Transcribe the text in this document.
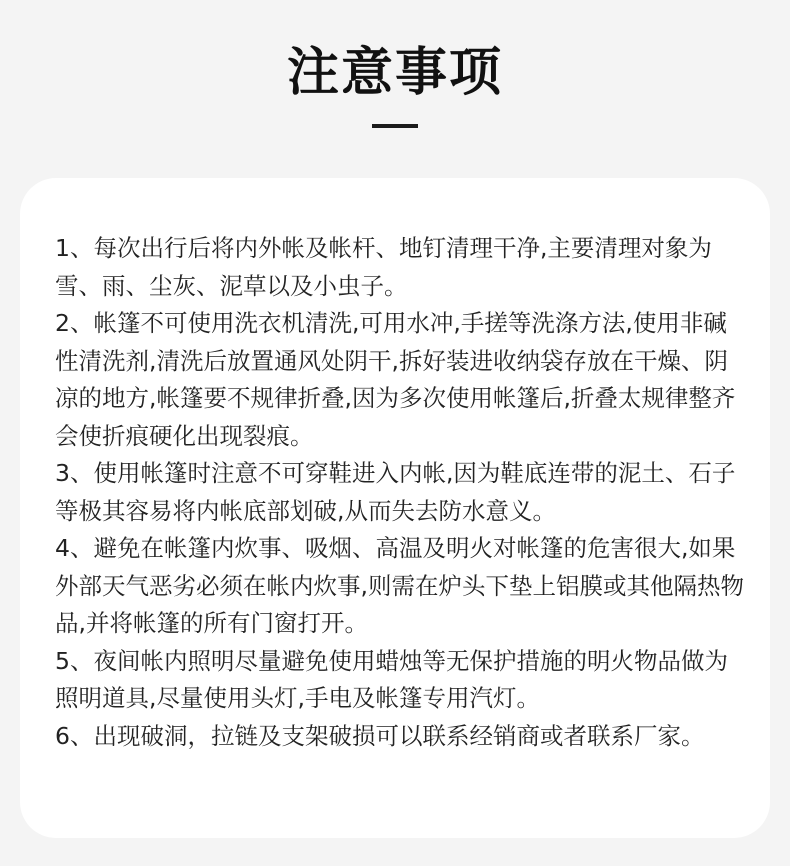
注意事项

1、每次出行后将内外帐及帐杆、地钉清理干净,主要清理对象为雪、雨、尘灰、泥草以及小虫子。

2、帐篷不可使用洗衣机清洗,可用水冲,手搓等洗涤方法,使用非碱性清洗剂,清洗后放置通风处阴干,拆好装进收纳袋存放在干燥、阴凉的地方,帐篷要不规律折叠,因为多次使用帐篷后,折叠太规律整齐会使折痕硬化出现裂痕。

3、使用帐篷时注意不可穿鞋进入内帐,因为鞋底连带的泥土、石子等极其容易将内帐底部划破,从而失去防水意义。

4、避免在帐篷内炊事、吸烟、高温及明火对帐篷的危害很大,如果外部天气恶劣必须在帐内炊事,则需在炉头下垫上铝膜或其他隔热物品,并将帐篷的所有门窗打开。

5、夜间帐内照明尽量避免使用蜡烛等无保护措施的明火物品做为照明道具,尽量使用头灯,手电及帐篷专用汽灯。

6、出现破洞，拉链及支架破损可以联系经销商或者联系厂家。
